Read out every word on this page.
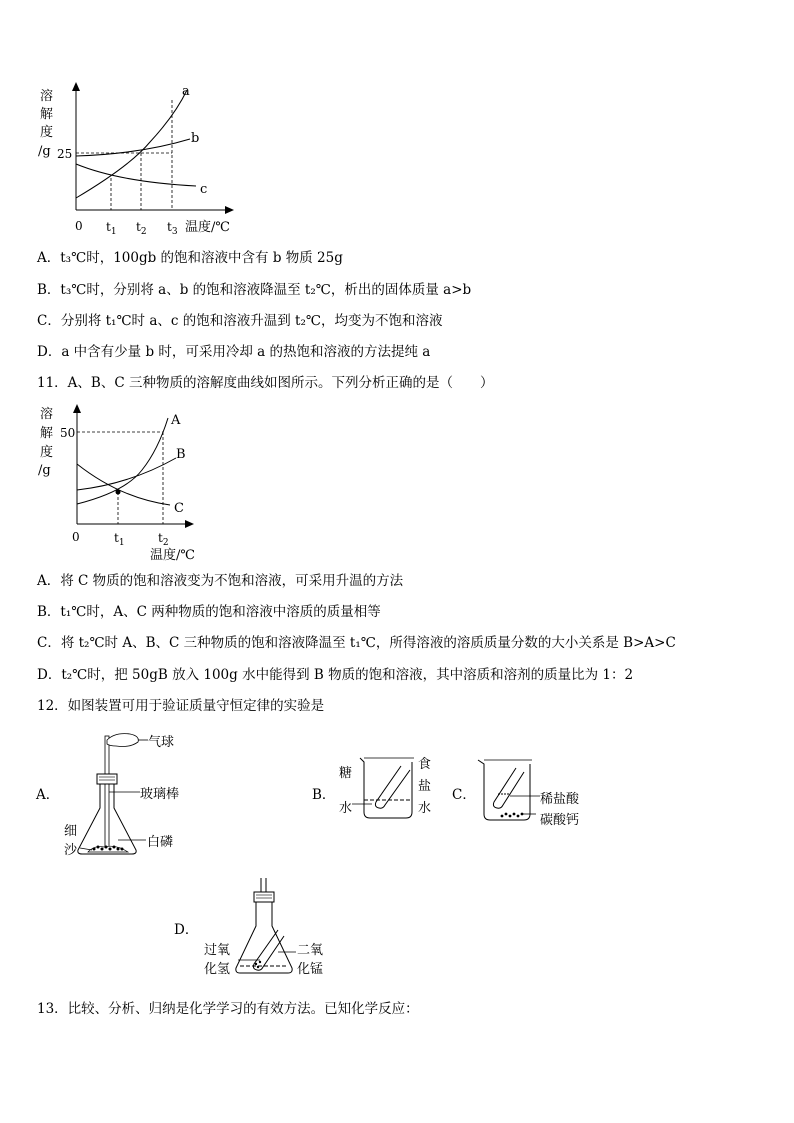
溶
解
度
/g 25
a
b
c
0 $t_1$ $t_2$ $t_3$ 温度/℃
A．t₃℃时，100gb 的饱和溶液中含有 b 物质 25g
B．t₃℃时，分别将 a、b 的饱和溶液降温至 t₂℃，析出的固体质量 a>b
C．分别将 t₁℃时 a、c 的饱和溶液升温到 t₂℃，均变为不饱和溶液
D．a 中含有少量 b 时，可采用冷却 a 的热饱和溶液的方法提纯 a
11．A、B、C 三种物质的溶解度曲线如图所示。下列分析正确的是（　　）
溶
解
度
/g
50
A
B
C
0	$t_1$	$t_2$
温度/℃
A．将 C 物质的饱和溶液变为不饱和溶液，可采用升温的方法
B．t₁℃时，A、C 两种物质的饱和溶液中溶质的质量相等
C．将 t₂℃时 A、B、C 三种物质的饱和溶液降温至 t₁℃，所得溶液的溶质质量分数的大小关系是 B>A>C
D．t₂℃时，把 50gB 放入 100g 水中能得到 B 物质的饱和溶液，其中溶质和溶剂的质量比为 1：2
12．如图装置可用于验证质量守恒定律的实验是
A．
气球
玻璃棒
白磷
细
沙
B．
糖
水
食
盐
水
C．	稀盐酸
碳酸钙
D．
过氧
化氢
二氧
化锰
13．比较、分析、归纳是化学学习的有效方法。已知化学反应：
